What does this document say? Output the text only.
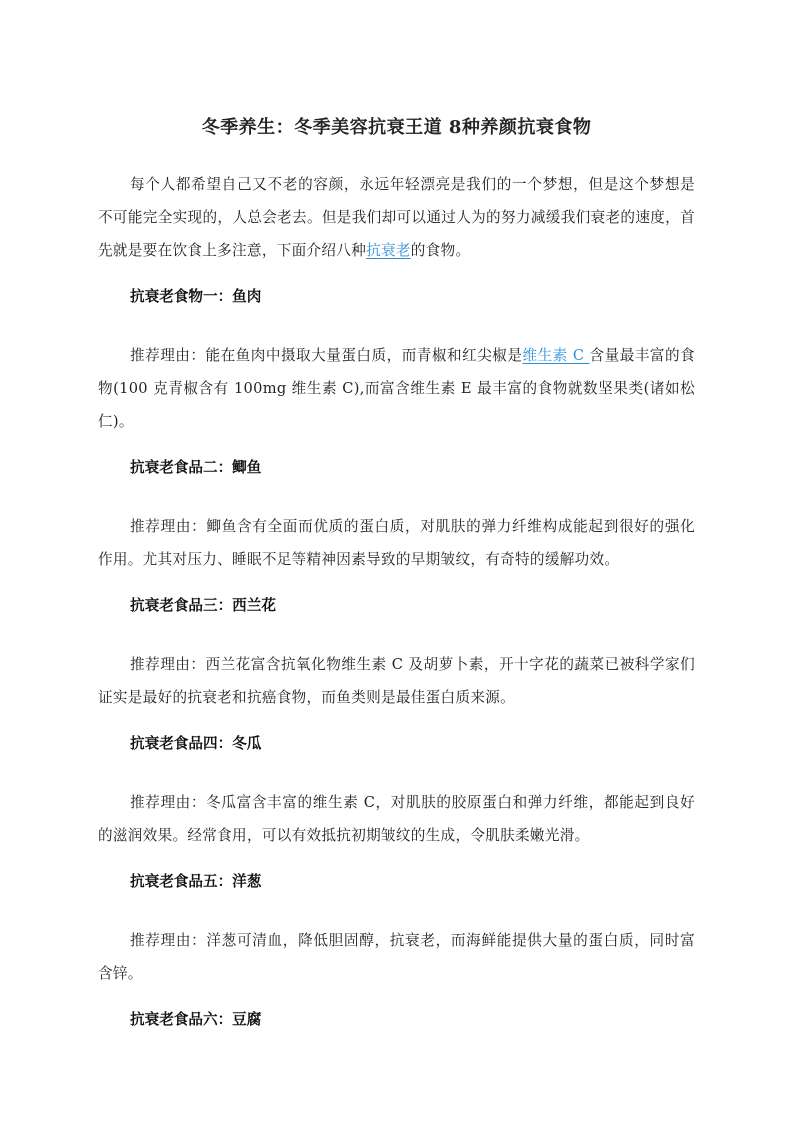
冬季养生：冬季美容抗衰王道 8种养颜抗衰食物

每个人都希望自己又不老的容颜，永远年轻漂亮是我们的一个梦想，但是这个梦想是不可能完全实现的，人总会老去。但是我们却可以通过人为的努力减缓我们衰老的速度，首先就是要在饮食上多注意，下面介绍八种抗衰老的食物。

抗衰老食物一：鱼肉

推荐理由：能在鱼肉中摄取大量蛋白质，而青椒和红尖椒是维生素 C 含量最丰富的食物(100 克青椒含有 100mg 维生素 C),而富含维生素 E 最丰富的食物就数坚果类(诸如松仁)。

抗衰老食品二：鲫鱼

推荐理由：鲫鱼含有全面而优质的蛋白质，对肌肤的弹力纤维构成能起到很好的强化作用。尤其对压力、睡眠不足等精神因素导致的早期皱纹，有奇特的缓解功效。

抗衰老食品三：西兰花

推荐理由：西兰花富含抗氧化物维生素 C 及胡萝卜素，开十字花的蔬菜已被科学家们证实是最好的抗衰老和抗癌食物，而鱼类则是最佳蛋白质来源。

抗衰老食品四：冬瓜

推荐理由：冬瓜富含丰富的维生素 C，对肌肤的胶原蛋白和弹力纤维，都能起到良好的滋润效果。经常食用，可以有效抵抗初期皱纹的生成，令肌肤柔嫩光滑。

抗衰老食品五：洋葱

推荐理由：洋葱可清血，降低胆固醇，抗衰老，而海鲜能提供大量的蛋白质，同时富含锌。

抗衰老食品六：豆腐
